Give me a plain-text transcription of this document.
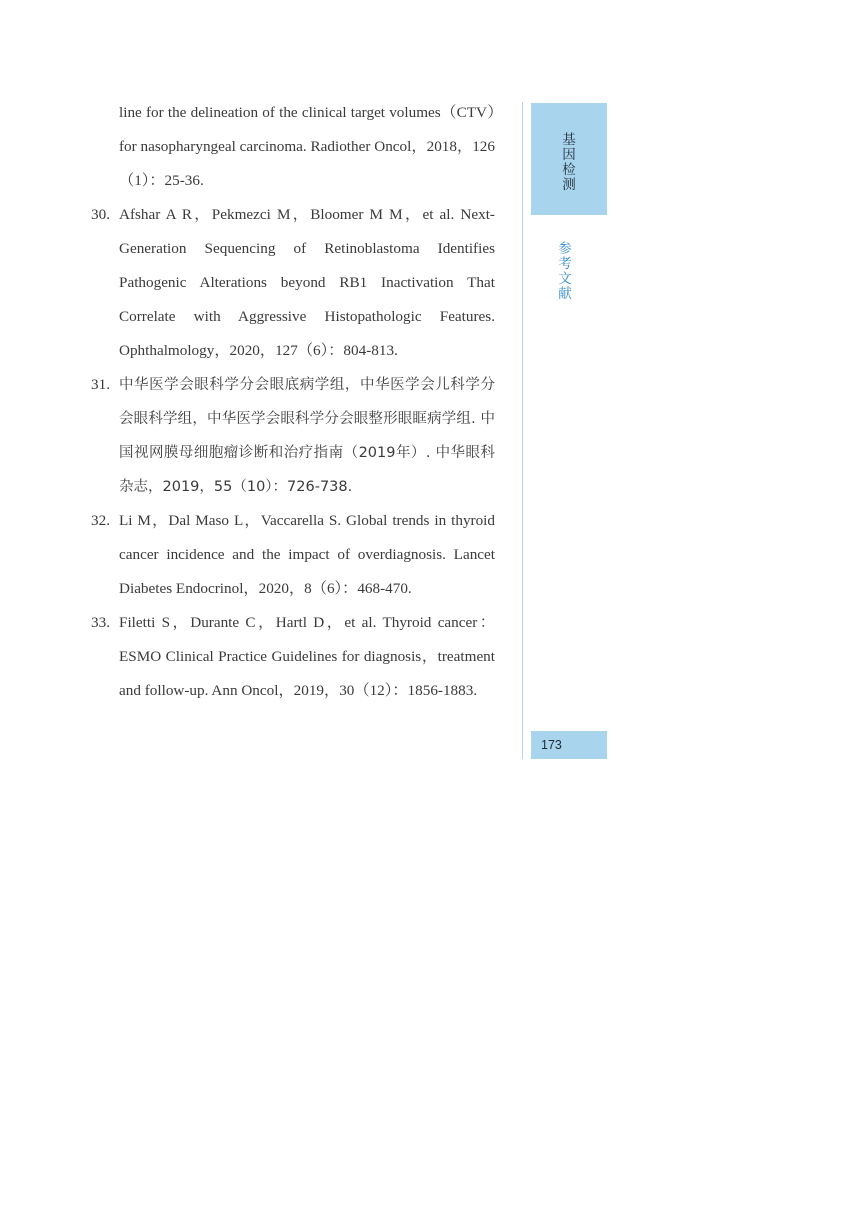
line for the delineation of the clinical target volumes（CTV）for nasopharyngeal carcinoma. Radiother Oncol，2018，126（1）：25-36.
30. Afshar A R，Pekmezci M，Bloomer M M，et al. Next-Generation Sequencing of Retinoblastoma Identifies Pathogenic Alterations beyond RB1 Inactivation That Correlate with Aggressive Histopathologic Features. Ophthalmology，2020，127（6）：804-813.
31. 中华医学会眼科学分会眼底病学组，中华医学会儿科学分会眼科学组，中华医学会眼科学分会眼整形眼眶病学组. 中国视网膜母细胞瘤诊断和治疗指南（2019年）. 中华眼科杂志，2019，55（10）：726-738.
32. Li M，Dal Maso L，Vaccarella S. Global trends in thyroid cancer incidence and the impact of overdiagnosis. Lancet Diabetes Endocrinol，2020，8（6）：468-470.
33. Filetti S，Durante C，Hartl D，et al. Thyroid cancer：ESMO Clinical Practice Guidelines for diagnosis，treatment and follow-up. Ann Oncol，2019，30（12）：1856-1883.
基因检测
参考文献
173
